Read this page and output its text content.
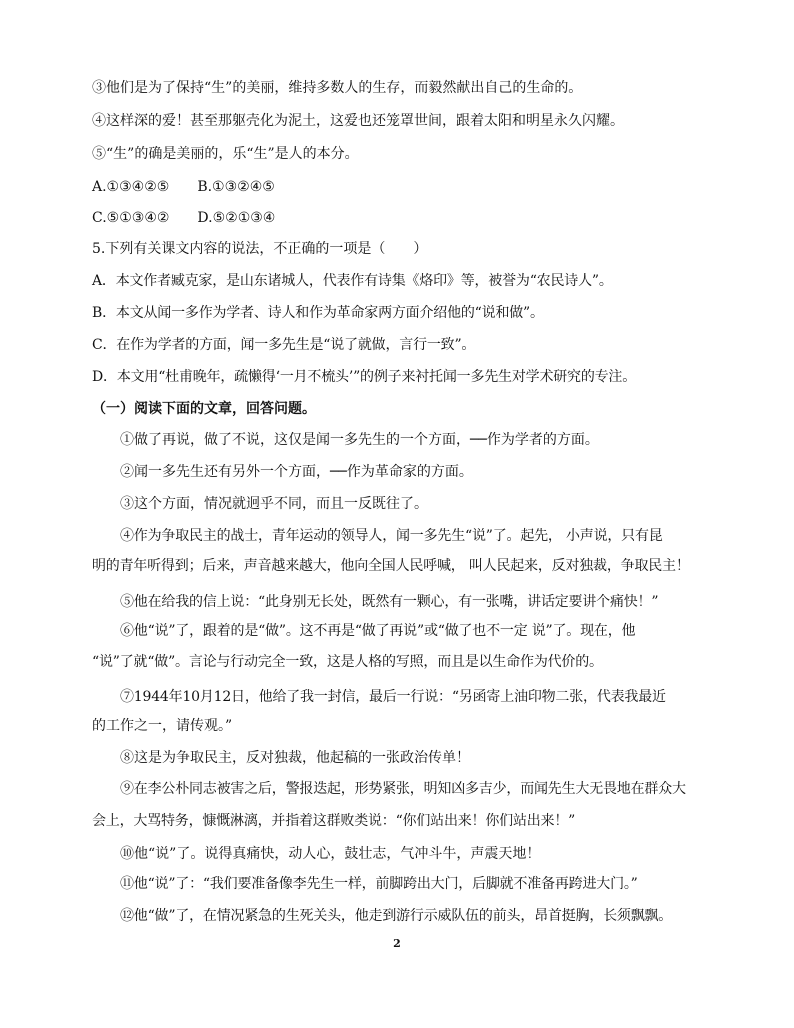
③他们是为了保持“生”的美丽，维持多数人的生存，而毅然献出自己的生命的。
④这样深的爱！甚至那躯壳化为泥土，这爱也还笼罩世间，跟着太阳和明星永久闪耀。
⑤“生”的确是美丽的，乐“生”是人的本分。
A.①③④②⑤　　B.①③②④⑤
C.⑤①③④②　　D.⑤②①③④
5.下列有关课文内容的说法，不正确的一项是（　　）
A．本文作者臧克家，是山东诸城人，代表作有诗集《烙印》等，被誉为“农民诗人”。
B．本文从闻一多作为学者、诗人和作为革命家两方面介绍他的“说和做”。
C．在作为学者的方面，闻一多先生是“说了就做，言行一致”。
D．本文用“杜甫晚年，疏懒得‘一月不梳头’”的例子来衬托闻一多先生对学术研究的专注。
（一）阅读下面的文章，回答问题。
①做了再说，做了不说，这仅是闻一多先生的一个方面，──作为学者的方面。
②闻一多先生还有另外一个方面，──作为革命家的方面。
③这个方面，情况就迥乎不同，而且一反既往了。
④作为争取民主的战士，青年运动的领导人，闻一多先生“说”了。起先， 小声说，只有昆
明的青年听得到；后来，声音越来越大，他向全国人民呼喊， 叫人民起来，反对独裁，争取民主！
⑤他在给我的信上说：“此身别无长处，既然有一颗心，有一张嘴，讲话定要讲个痛快！”
⑥他“说”了，跟着的是“做”。这不再是“做了再说”或“做了也不一定 说”了。现在，他
“说”了就“做”。言论与行动完全一致，这是人格的写照，而且是以生命作为代价的。
⑦1944年10月12日，他给了我一封信，最后一行说：“另函寄上油印物二张，代表我最近
的工作之一，请传观。”
⑧这是为争取民主，反对独裁，他起稿的一张政治传单！
⑨在李公朴同志被害之后，警报迭起，形势紧张，明知凶多吉少，而闻先生大无畏地在群众大
会上，大骂特务，慷慨淋漓，并指着这群败类说：“你们站出来！你们站出来！”
⑩他“说”了。说得真痛快，动人心，鼓壮志，气冲斗牛，声震天地！
⑪他“说”了：“我们要准备像李先生一样，前脚跨出大门，后脚就不准备再跨进大门。”
⑫他“做”了，在情况紧急的生死关头，他走到游行示威队伍的前头，昂首挺胸，长须飘飘。
2
